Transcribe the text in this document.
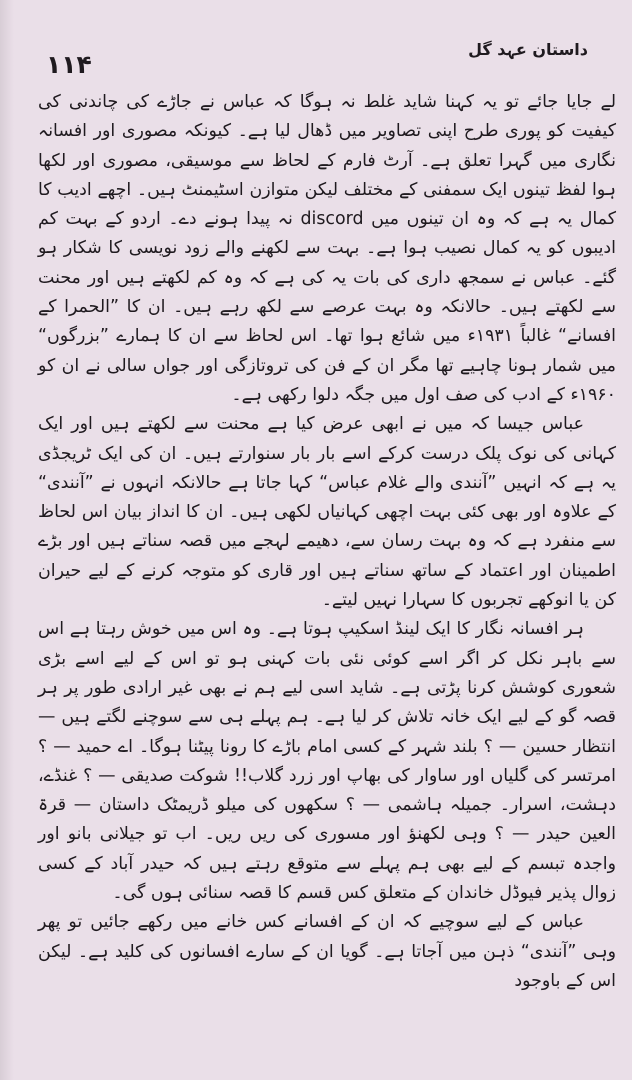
۱۱۴
داستان عہد گل

لے جایا جائے تو یہ کہنا شاید غلط نہ ہوگا کہ عباس نے جاڑے کی چاندنی کی کیفیت کو پوری طرح اپنی تصاویر میں ڈھال لیا ہے۔ کیونکہ مصوری اور افسانہ نگاری میں گہرا تعلق ہے۔ آرٹ فارم کے لحاظ سے موسیقی، مصوری اور لکھا ہوا لفظ تینوں ایک سمفنی کے مختلف لیکن متوازن اسٹیمنٹ ہیں۔ اچھے ادیب کا کمال یہ ہے کہ وہ ان تینوں میں discord نہ پیدا ہونے دے۔ اردو کے بہت کم ادیبوں کو یہ کمال نصیب ہوا ہے۔ بہت سے لکھنے والے زود نویسی کا شکار ہو گئے۔ عباس نے سمجھ داری کی بات یہ کی ہے کہ وہ کم لکھتے ہیں اور محنت سے لکھتے ہیں۔ حالانکہ وہ بہت عرصے سے لکھ رہے ہیں۔ ان کا ”الحمرا کے افسانے“ غالباً ۱۹۳۱ء میں شائع ہوا تھا۔ اس لحاظ سے ان کا ہمارے ”بزرگوں“ میں شمار ہونا چاہیے تھا مگر ان کے فن کی تروتازگی اور جواں سالی نے ان کو ۱۹۶۰ء کے ادب کی صف اول میں جگہ دلوا رکھی ہے۔

عباس جیسا کہ میں نے ابھی عرض کیا ہے محنت سے لکھتے ہیں اور ایک کہانی کی نوک پلک درست کرکے اسے بار بار سنوارتے ہیں۔ ان کی ایک ٹریجڈی یہ ہے کہ انہیں ”آنندی والے غلام عباس“ کہا جاتا ہے حالانکہ انہوں نے ”آنندی“ کے علاوہ اور بھی کئی بہت اچھی کہانیاں لکھی ہیں۔ ان کا انداز بیان اس لحاظ سے منفرد ہے کہ وہ بہت رسان سے، دھیمے لہجے میں قصہ سناتے ہیں اور بڑے اطمینان اور اعتماد کے ساتھ سناتے ہیں اور قاری کو متوجہ کرنے کے لیے حیران کن یا انوکھے تجربوں کا سہارا نہیں لیتے۔

ہر افسانہ نگار کا ایک لینڈ اسکیپ ہوتا ہے۔ وہ اس میں خوش رہتا ہے اس سے باہر نکل کر اگر اسے کوئی نئی بات کہنی ہو تو اس کے لیے اسے بڑی شعوری کوشش کرنا پڑتی ہے۔ شاید اسی لیے ہم نے بھی غیر ارادی طور پر ہر قصہ گو کے لیے ایک خانہ تلاش کر لیا ہے۔ ہم پہلے ہی سے سوچنے لگتے ہیں — انتظار حسین — ؟ بلند شہر کے کسی امام باڑے کا رونا پیٹنا ہوگا۔ اے حمید — ؟ امرتسر کی گلیاں اور ساوار کی بھاپ اور زرد گلاب!! شوکت صدیقی — ؟ غنڈے، دہشت، اسرار۔ جمیلہ ہاشمی — ؟ سکھوں کی میلو ڈریمٹک داستان — قرۃ العین حیدر — ؟ وہی لکھنؤ اور مسوری کی ریں ریں۔ اب تو جیلانی بانو اور واجدہ تبسم کے لیے بھی ہم پہلے سے متوقع رہتے ہیں کہ حیدر آباد کے کسی زوال پذیر فیوڈل خاندان کے متعلق کس قسم کا قصہ سنائی ہوں گی۔

عباس کے لیے سوچیے کہ ان کے افسانے کس خانے میں رکھے جائیں تو پھر وہی ”آنندی“ ذہن میں آجاتا ہے۔ گویا ان کے سارے افسانوں کی کلید ہے۔ لیکن اس کے باوجود
